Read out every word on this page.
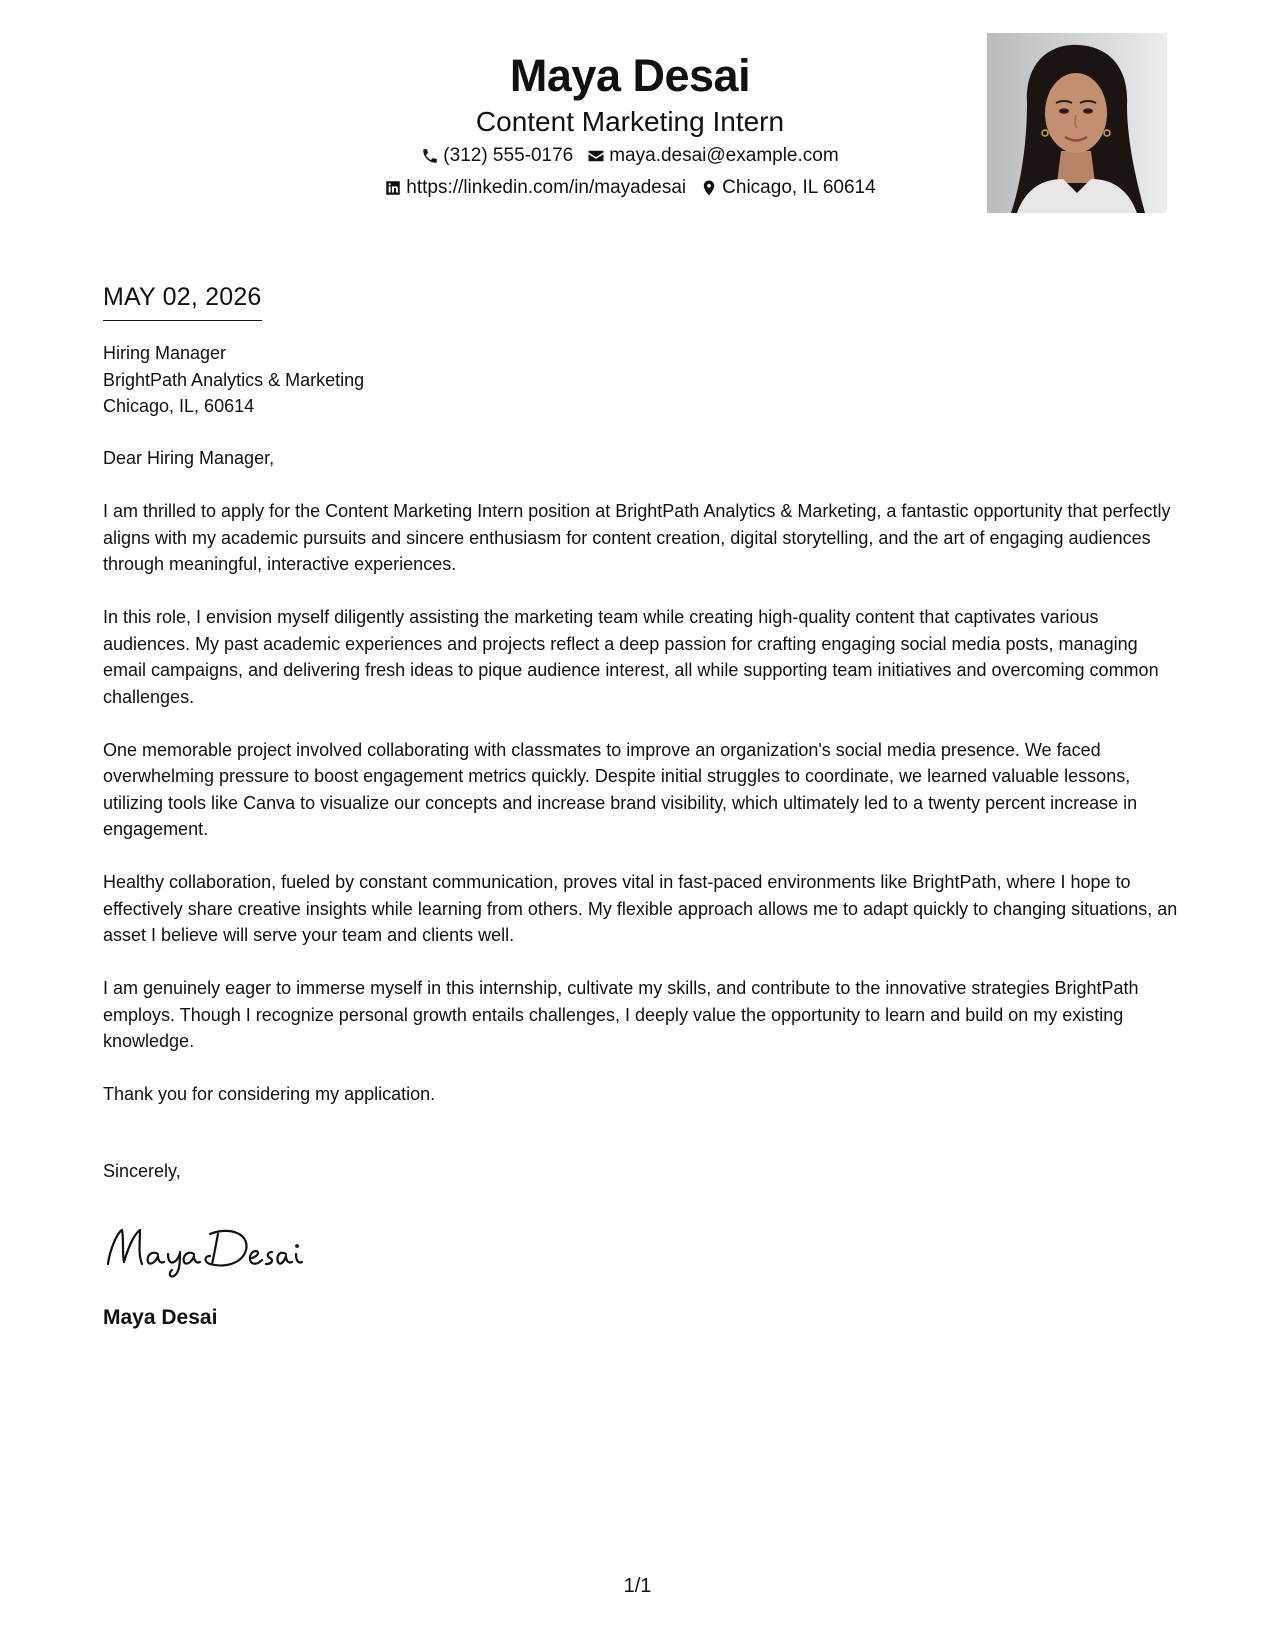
Maya Desai
Content Marketing Intern
(312) 555-0176 maya.desai@example.com
https://linkedin.com/in/mayadesai Chicago, IL 60614
MAY 02, 2026
Hiring Manager
BrightPath Analytics & Marketing
Chicago, IL, 60614

Dear Hiring Manager,

I am thrilled to apply for the Content Marketing Intern position at BrightPath Analytics & Marketing, a fantastic opportunity that perfectly aligns with my academic pursuits and sincere enthusiasm for content creation, digital storytelling, and the art of engaging audiences through meaningful, interactive experiences.

In this role, I envision myself diligently assisting the marketing team while creating high-quality content that captivates various audiences. My past academic experiences and projects reflect a deep passion for crafting engaging social media posts, managing email campaigns, and delivering fresh ideas to pique audience interest, all while supporting team initiatives and overcoming common challenges.

One memorable project involved collaborating with classmates to improve an organization's social media presence. We faced overwhelming pressure to boost engagement metrics quickly. Despite initial struggles to coordinate, we learned valuable lessons, utilizing tools like Canva to visualize our concepts and increase brand visibility, which ultimately led to a twenty percent increase in engagement.

Healthy collaboration, fueled by constant communication, proves vital in fast-paced environments like BrightPath, where I hope to effectively share creative insights while learning from others. My flexible approach allows me to adapt quickly to changing situations, an asset I believe will serve your team and clients well.

I am genuinely eager to immerse myself in this internship, cultivate my skills, and contribute to the innovative strategies BrightPath employs. Though I recognize personal growth entails challenges, I deeply value the opportunity to learn and build on my existing knowledge.

Thank you for considering my application.

Sincerely,
Maya Desai
1/1
